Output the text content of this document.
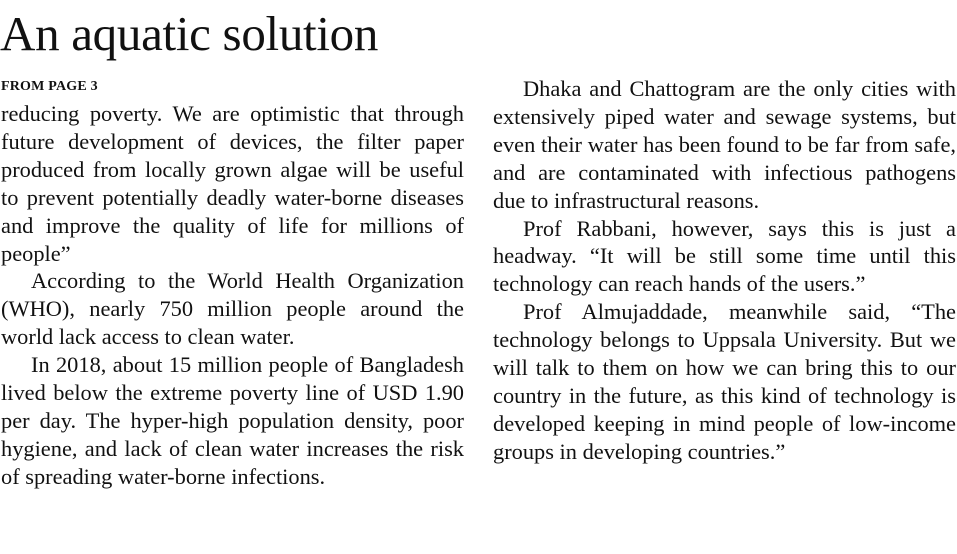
An aquatic solution
FROM PAGE 3

reducing poverty. We are optimistic that through future development of devices, the filter paper produced from locally grown algae will be useful to prevent potentially deadly water-borne diseases and improve the quality of life for millions of people”

According to the World Health Organization (WHO), nearly 750 million people around the world lack access to clean water.

In 2018, about 15 million people of Bangladesh lived below the extreme poverty line of USD 1.90 per day. The hyper-high population density, poor hygiene, and lack of clean water increases the risk of spreading water-borne infections.

Dhaka and Chattogram are the only cities with extensively piped water and sewage systems, but even their water has been found to be far from safe, and are contaminated with infectious pathogens due to infrastructural reasons.

Prof Rabbani, however, says this is just a headway. “It will be still some time until this technology can reach hands of the users.”

Prof Almujaddade, meanwhile said, “The technology belongs to Uppsala University. But we will talk to them on how we can bring this to our country in the future, as this kind of technology is developed keeping in mind people of low-income groups in developing countries.”
